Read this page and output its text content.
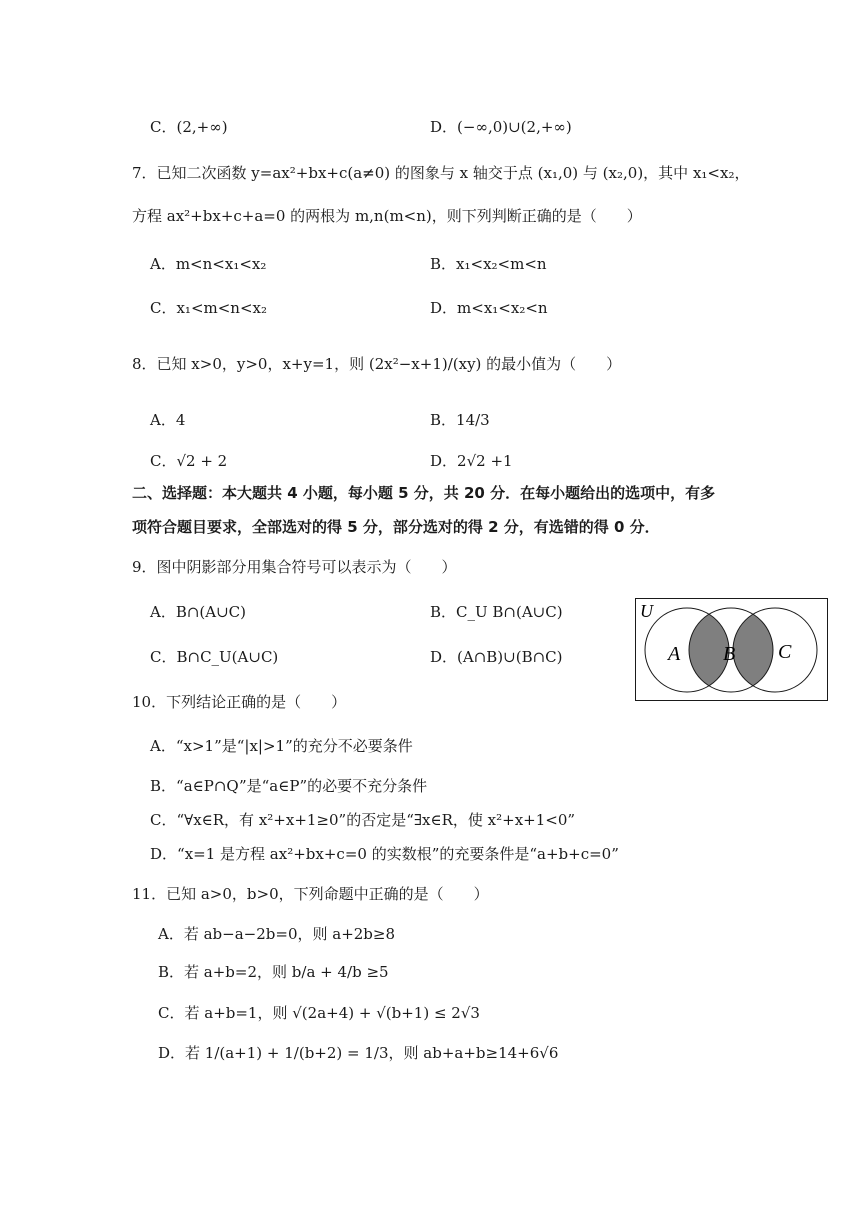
C．(2,+∞)	D．(−∞,0)∪(2,+∞)
7．已知二次函数 y=ax²+bx+c(a≠0) 的图象与 x 轴交于点 (x₁,0) 与 (x₂,0)，其中 x₁<x₂，
方程 ax²+bx+c+a=0 的两根为 m,n(m<n)，则下列判断正确的是（　　）
A．m<n<x₁<x₂	B．x₁<x₂<m<n
C．x₁<m<n<x₂	D．m<x₁<x₂<n
8．已知 x>0，y>0，x+y=1，则 (2x²−x+1)/(xy) 的最小值为（　　）
A．4	B．14/3
C．√2 + 2	D．2√2 +1
二、选择题：本大题共 4 小题，每小题 5 分，共 20 分．在每小题给出的选项中，有多
项符合题目要求，全部选对的得 5 分，部分选对的得 2 分，有选错的得 0 分．
9．图中阴影部分用集合符号可以表示为（　　）
A．B∩(A∪C)	B．C_U B∩(A∪C)
C．B∩C_U(A∪C)	D．(A∩B)∪(B∩C)
U
A B C
10．下列结论正确的是（　　）
A．“x>1”是“|x|>1”的充分不必要条件
B．“a∈P∩Q”是“a∈P”的必要不充分条件
C．“∀x∈R，有 x²+x+1≥0”的否定是“∃x∈R，使 x²+x+1<0”
D．“x=1 是方程 ax²+bx+c=0 的实数根”的充要条件是“a+b+c=0”
11．已知 a>0，b>0，下列命题中正确的是（　　）
A．若 ab−a−2b=0，则 a+2b≥8
B．若 a+b=2，则 b/a + 4/b ≥5
C．若 a+b=1，则 √(2a+4) + √(b+1) ≤ 2√3
D．若 1/(a+1) + 1/(b+2) = 1/3，则 ab+a+b≥14+6√6
